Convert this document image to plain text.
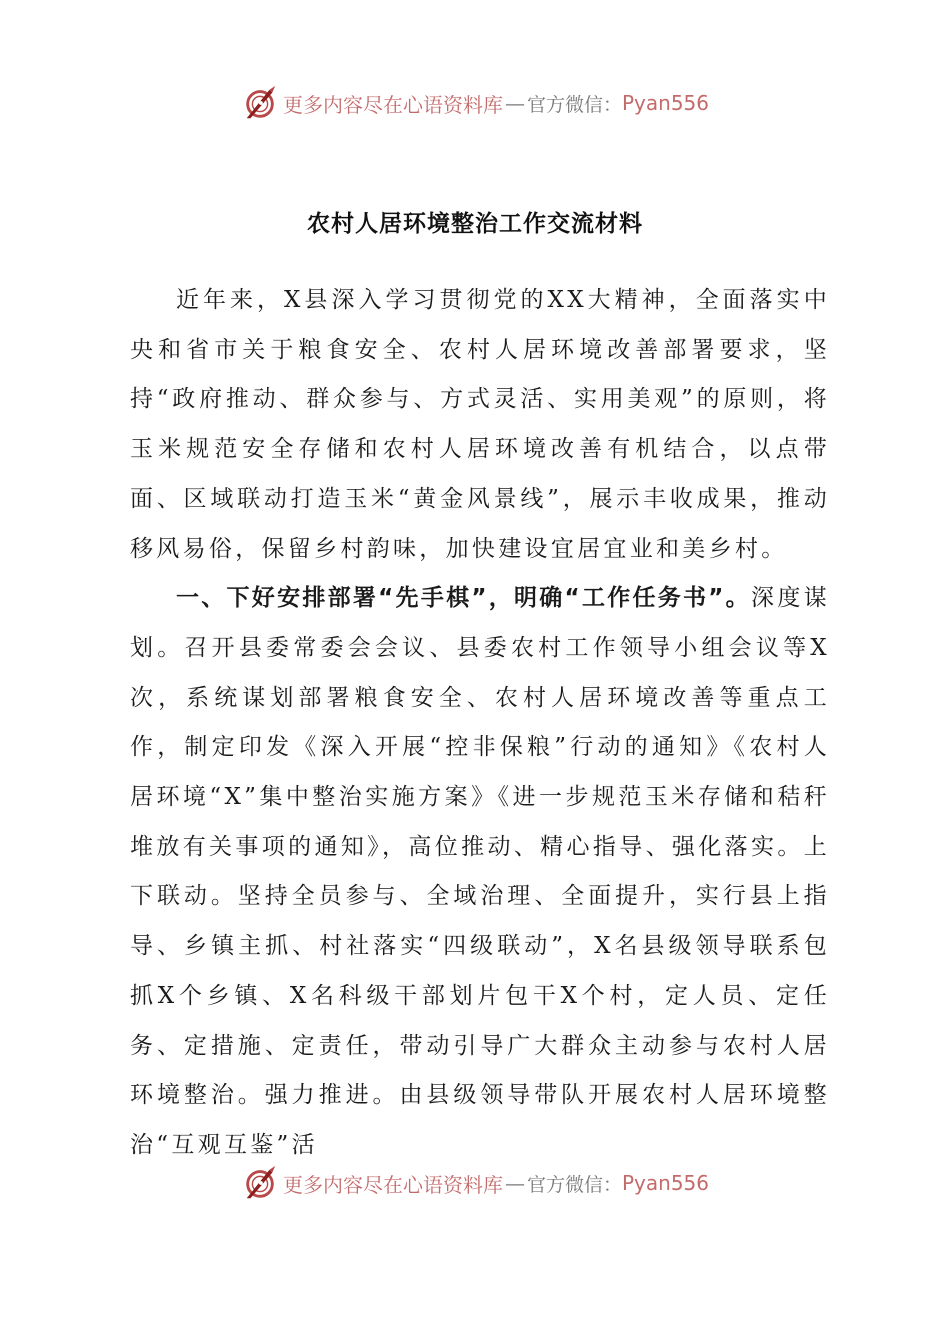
更多内容尽在心语资料库 — 官方微信： Pyan556
农村人居环境整治工作交流材料

近年来，X县深入学习贯彻党的XX大精神，全面落实中央和省市关于粮食安全、农村人居环境改善部署要求，坚持“政府推动、群众参与、方式灵活、实用美观”的原则，将玉米规范安全存储和农村人居环境改善有机结合，以点带面、区域联动打造玉米“黄金风景线”，展示丰收成果，推动移风易俗，保留乡村韵味，加快建设宜居宜业和美乡村。

一、下好安排部署“先手棋”，明确“工作任务书”。深度谋划。召开县委常委会会议、县委农村工作领导小组会议等X次，系统谋划部署粮食安全、农村人居环境改善等重点工作，制定印发《深入开展“控非保粮”行动的通知》《农村人居环境“X”集中整治实施方案》《进一步规范玉米存储和秸秆堆放有关事项的通知》，高位推动、精心指导、强化落实。上下联动。坚持全员参与、全域治理、全面提升，实行县上指导、乡镇主抓、村社落实“四级联动”，X名县级领导联系包抓X个乡镇、X名科级干部划片包干X个村，定人员、定任务、定措施、定责任，带动引导广大群众主动参与农村人居环境整治。强力推进。由县级领导带队开展农村人居环境整治“互观互鉴”活

更多内容尽在心语资料库 — 官方微信： Pyan556
